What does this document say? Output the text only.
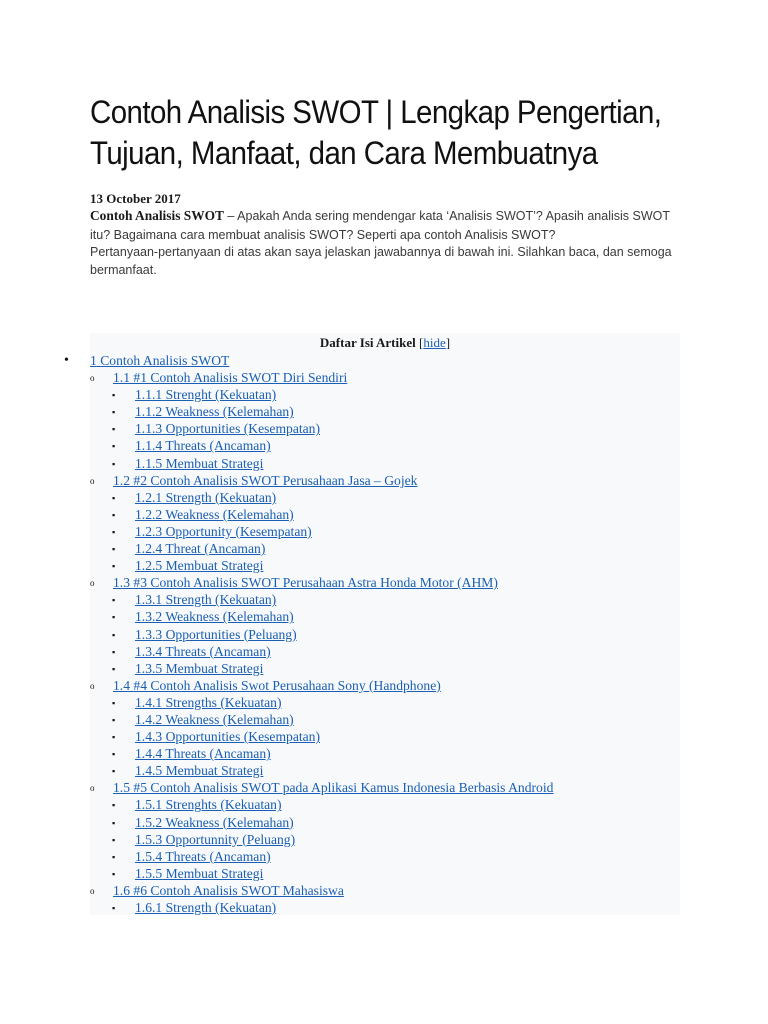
Contoh Analisis SWOT | Lengkap Pengertian, Tujuan, Manfaat, dan Cara Membuatnya
13 October 2017

Contoh Analisis SWOT – Apakah Anda sering mendengar kata ‘Analisis SWOT’? Apasih analisis SWOT itu? Bagaimana cara membuat analisis SWOT? Seperti apa contoh Analisis SWOT?

Pertanyaan-pertanyaan di atas akan saya jelaskan jawabannya di bawah ini. Silahkan baca, dan semoga bermanfaat.

Daftar Isi Artikel [hide]
• 1 Contoh Analisis SWOT
o 1.1 #1 Contoh Analisis SWOT Diri Sendiri
▪ 1.1.1 Strenght (Kekuatan)
▪ 1.1.2 Weakness (Kelemahan)
▪ 1.1.3 Opportunities (Kesempatan)
▪ 1.1.4 Threats (Ancaman)
▪ 1.1.5 Membuat Strategi
o 1.2 #2 Contoh Analisis SWOT Perusahaan Jasa – Gojek
▪ 1.2.1 Strength (Kekuatan)
▪ 1.2.2 Weakness (Kelemahan)
▪ 1.2.3 Opportunity (Kesempatan)
▪ 1.2.4 Threat (Ancaman)
▪ 1.2.5 Membuat Strategi
o 1.3 #3 Contoh Analisis SWOT Perusahaan Astra Honda Motor (AHM)
▪ 1.3.1 Strength (Kekuatan)
▪ 1.3.2 Weakness (Kelemahan)
▪ 1.3.3 Opportunities (Peluang)
▪ 1.3.4 Threats (Ancaman)
▪ 1.3.5 Membuat Strategi
o 1.4 #4 Contoh Analisis Swot Perusahaan Sony (Handphone)
▪ 1.4.1 Strengths (Kekuatan)
▪ 1.4.2 Weakness (Kelemahan)
▪ 1.4.3 Opportunities (Kesempatan)
▪ 1.4.4 Threats (Ancaman)
▪ 1.4.5 Membuat Strategi
o 1.5 #5 Contoh Analisis SWOT pada Aplikasi Kamus Indonesia Berbasis Android
▪ 1.5.1 Strenghts (Kekuatan)
▪ 1.5.2 Weakness (Kelemahan)
▪ 1.5.3 Opportunnity (Peluang)
▪ 1.5.4 Threats (Ancaman)
▪ 1.5.5 Membuat Strategi
o 1.6 #6 Contoh Analisis SWOT Mahasiswa
▪ 1.6.1 Strength (Kekuatan)
